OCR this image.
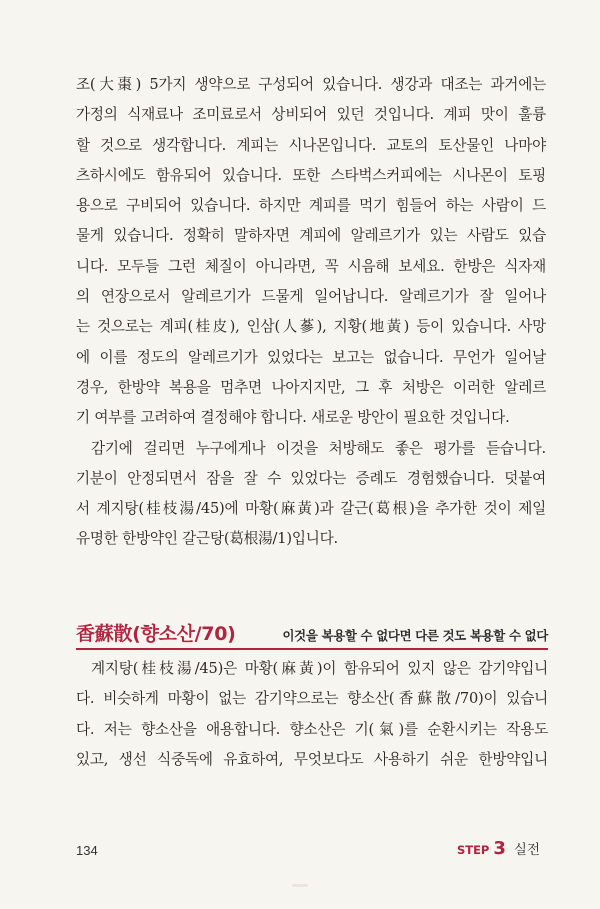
조(大棗) 5가지 생약으로 구성되어 있습니다. 생강과 대조는 과거에는
가정의 식재료나 조미료로서 상비되어 있던 것입니다. 계피 맛이 훌륭
할 것으로 생각합니다. 계피는 시나몬입니다. 교토의 토산물인 나마야
츠하시에도 함유되어 있습니다. 또한 스타벅스커피에는 시나몬이 토핑
용으로 구비되어 있습니다. 하지만 계피를 먹기 힘들어 하는 사람이 드
물게 있습니다. 정확히 말하자면 계피에 알레르기가 있는 사람도 있습
니다. 모두들 그런 체질이 아니라면, 꼭 시음해 보세요. 한방은 식자재
의 연장으로서 알레르기가 드물게 일어납니다. 알레르기가 잘 일어나
는 것으로는 계피(桂皮), 인삼(人蔘), 지황(地黃) 등이 있습니다. 사망
에 이를 정도의 알레르기가 있었다는 보고는 없습니다. 무언가 일어날
경우, 한방약 복용을 멈추면 나아지지만, 그 후 처방은 이러한 알레르
기 여부를 고려하여 결정해야 합니다. 새로운 방안이 필요한 것입니다.
감기에 걸리면 누구에게나 이것을 처방해도 좋은 평가를 듣습니다.
기분이 안정되면서 잠을 잘 수 있었다는 증례도 경험했습니다. 덧붙여
서 계지탕(桂枝湯/45)에 마황(麻黃)과 갈근(葛根)을 추가한 것이 제일
유명한 한방약인 갈근탕(葛根湯/1)입니다.
香蘇散(향소산/70)	이것을 복용할 수 없다면 다른 것도 복용할 수 없다
계지탕(桂枝湯/45)은 마황(麻黃)이 함유되어 있지 않은 감기약입니
다. 비슷하게 마황이 없는 감기약으로는 향소산(香蘇散/70)이 있습니
다. 저는 향소산을 애용합니다. 향소산은 기(氣)를 순환시키는 작용도
있고, 생선 식중독에 유효하여, 무엇보다도 사용하기 쉬운 한방약입니
134	STEP 3 실전
